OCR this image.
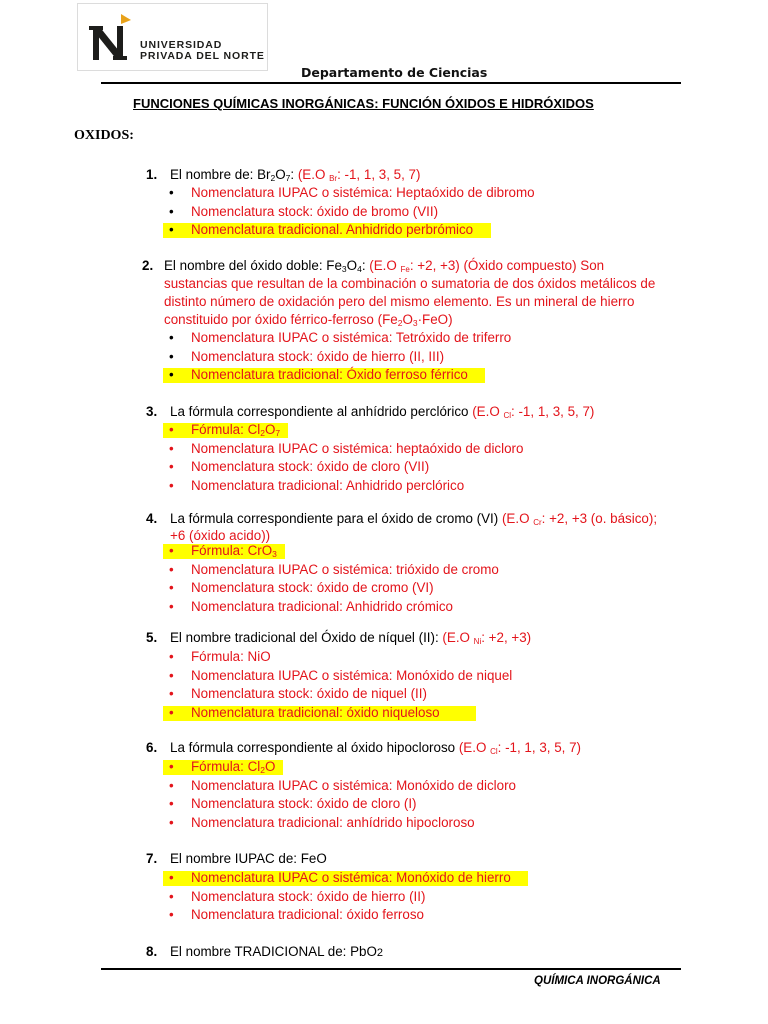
UNIVERSIDAD
PRIVADA DEL NORTE
Departamento de Ciencias
FUNCIONES QUÍMICAS INORGÁNICAS: FUNCIÓN ÓXIDOS E HIDRÓXIDOS
OXIDOS:
1. El nombre de: $Br_2O_7$: (E.O Br: -1, 1, 3, 5, 7)
• Nomenclatura IUPAC o sistémica: Heptaóxido de dibromo
• Nomenclatura stock: óxido de bromo (VII)
• Nomenclatura tradicional. Anhidrido perbrómico
2. El nombre del óxido doble: $Fe_3O_4$: (E.O Fe: +2, +3) (Óxido compuesto) Son
sustancias que resultan de la combinación o sumatoria de dos óxidos metálicos de
distinto número de oxidación pero del mismo elemento. Es un mineral de hierro
constituido por óxido férrico-ferroso $(Fe_2O_3\cdot FeO)$
• Nomenclatura IUPAC o sistémica: Tetróxido de triferro
• Nomenclatura stock: óxido de hierro (II, III)
• Nomenclatura tradicional: Óxido ferroso férrico
3. La fórmula correspondiente al anhídrido perclórico (E.O Cl: -1, 1, 3, 5, 7)
• Fórmula: $Cl_2O_7$
• Nomenclatura IUPAC o sistémica: heptaóxido de dicloro
• Nomenclatura stock: óxido de cloro (VII)
• Nomenclatura tradicional: Anhidrido perclórico
4. La fórmula correspondiente para el óxido de cromo (VI) (E.O Cr: +2, +3 (o. básico);
+6 (óxido acido))
• Fórmula: CrO$_3$
• Nomenclatura IUPAC o sistémica: trióxido de cromo
• Nomenclatura stock: óxido de cromo (VI)
• Nomenclatura tradicional: Anhidrido crómico
5. El nombre tradicional del Óxido de níquel (II): (E.O Ni: +2, +3)
• Fórmula: NiO
• Nomenclatura IUPAC o sistémica: Monóxido de niquel
• Nomenclatura stock: óxido de niquel (II)
• Nomenclatura tradicional: óxido niqueloso
6. La fórmula correspondiente al óxido hipocloroso (E.O Cl: -1, 1, 3, 5, 7)
• Fórmula: $Cl_2O$
• Nomenclatura IUPAC o sistémica: Monóxido de dicloro
• Nomenclatura stock: óxido de cloro (I)
• Nomenclatura tradicional: anhídrido hipocloroso
7. El nombre IUPAC de: FeO
• Nomenclatura IUPAC o sistémica: Monóxido de hierro
• Nomenclatura stock: óxido de hierro (II)
• Nomenclatura tradicional: óxido ferroso
8. El nombre TRADICIONAL de: PbO2
QUÍMICA INORGÁNICA
